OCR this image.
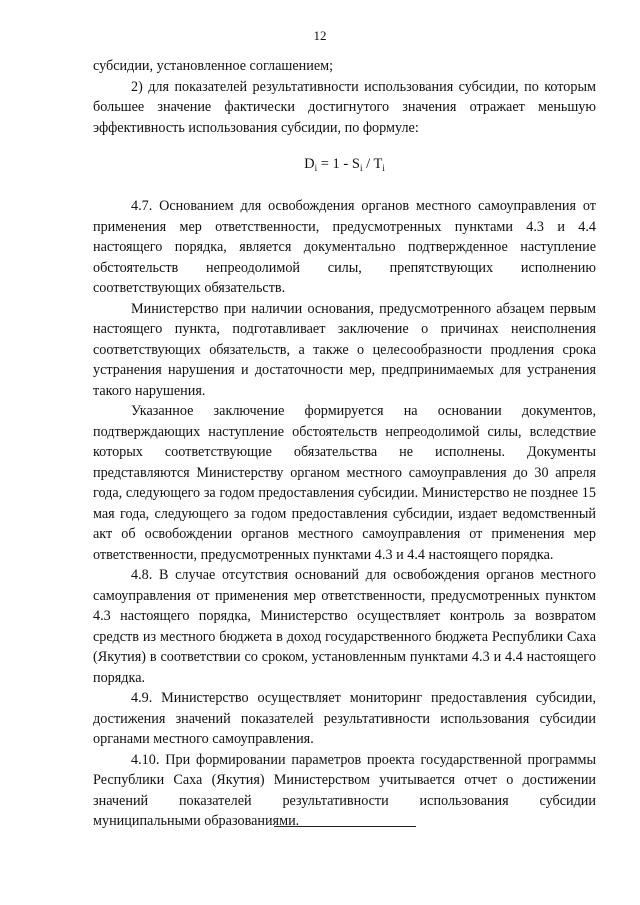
12

субсидии, установленное соглашением;

2) для показателей результативности использования субсидии, по которым большее значение фактически достигнутого значения отражает меньшую эффективность использования субсидии, по формуле:

$D_i = 1 - S_i / T_i$

4.7. Основанием для освобождения органов местного самоуправления от применения мер ответственности, предусмотренных пунктами 4.3 и 4.4 настоящего порядка, является документально подтвержденное наступление обстоятельств непреодолимой силы, препятствующих исполнению соответствующих обязательств.

Министерство при наличии основания, предусмотренного абзацем первым настоящего пункта, подготавливает заключение о причинах неисполнения соответствующих обязательств, а также о целесообразности продления срока устранения нарушения и достаточности мер, предпринимаемых для устранения такого нарушения.

Указанное заключение формируется на основании документов, подтверждающих наступление обстоятельств непреодолимой силы, вследствие которых соответствующие обязательства не исполнены. Документы представляются Министерству органом местного самоуправления до 30 апреля года, следующего за годом предоставления субсидии. Министерство не позднее 15 мая года, следующего за годом предоставления субсидии, издает ведомственный акт об освобождении органов местного самоуправления от применения мер ответственности, предусмотренных пунктами 4.3 и 4.4 настоящего порядка.

4.8. В случае отсутствия оснований для освобождения органов местного самоуправления от применения мер ответственности, предусмотренных пунктом 4.3 настоящего порядка, Министерство осуществляет контроль за возвратом средств из местного бюджета в доход государственного бюджета Республики Саха (Якутия) в соответствии со сроком, установленным пунктами 4.3 и 4.4 настоящего порядка.

4.9. Министерство осуществляет мониторинг предоставления субсидии, достижения значений показателей результативности использования субсидии органами местного самоуправления.

4.10. При формировании параметров проекта государственной программы Республики Саха (Якутия) Министерством учитывается отчет о достижении значений показателей результативности использования субсидии муниципальными образованиями.
